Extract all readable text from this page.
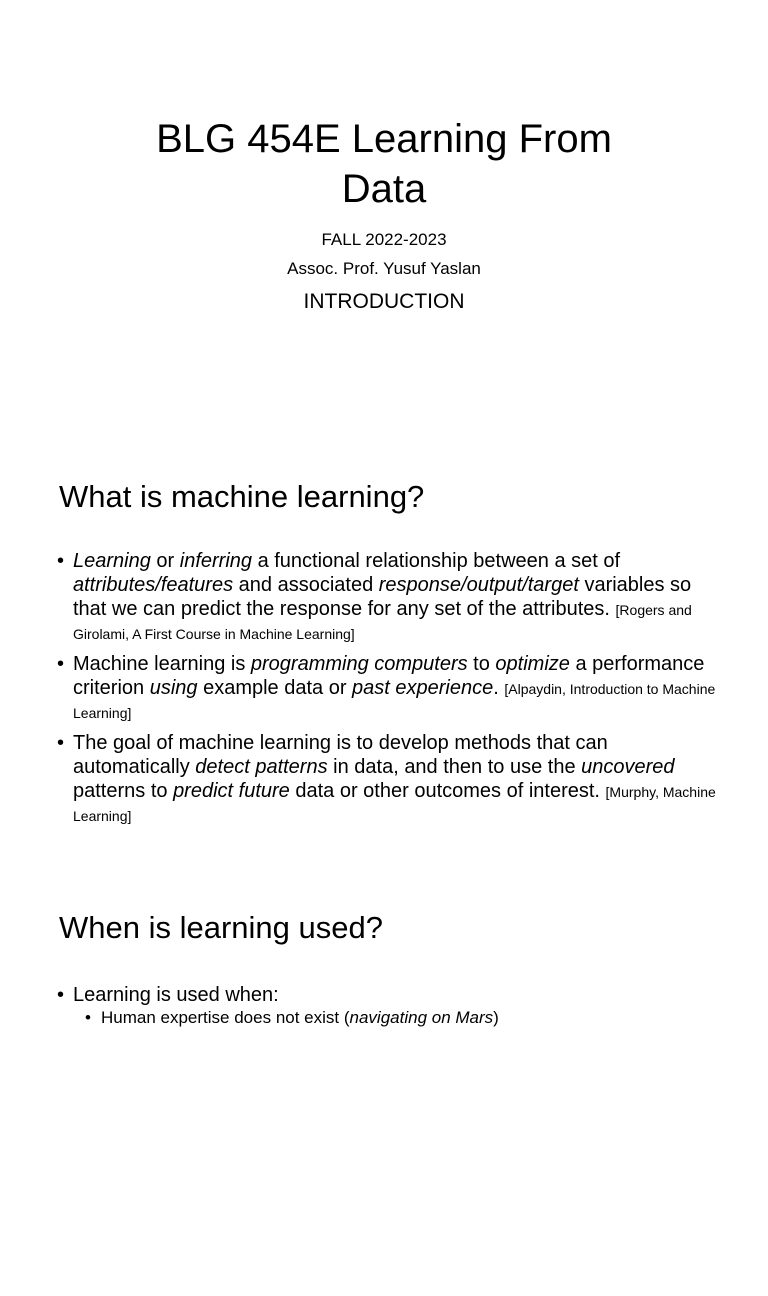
BLG 454E Learning From Data

FALL 2022-2023

Assoc. Prof. Yusuf Yaslan

INTRODUCTION

What is machine learning?
• Learning or inferring a functional relationship between a set of attributes/features and associated response/output/target variables so that we can predict the response for any set of the attributes. [Rogers and Girolami, A First Course in Machine Learning]
• Machine learning is programming computers to optimize a performance criterion using example data or past experience. [Alpaydin, Introduction to Machine Learning]
• The goal of machine learning is to develop methods that can automatically detect patterns in data, and then to use the uncovered patterns to predict future data or other outcomes of interest. [Murphy, Machine Learning]
When is learning used?
• Learning is used when:
• Human expertise does not exist (navigating on Mars)
